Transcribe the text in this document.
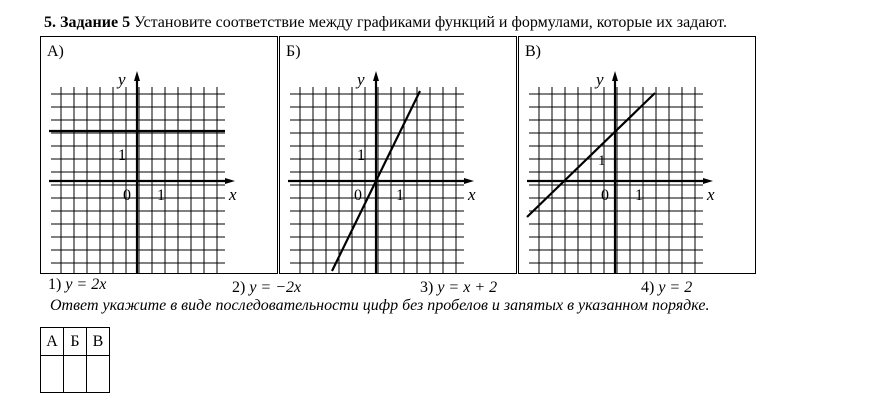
5. Задание 5 Установите соответствие между графиками функций и формулами, которые их задают.
А)
y
x
1
0 1
Б)
y
x
1
0 1
В)
y
x
1
0 1
1) y = 2x	2) y = −2x	3) y = x + 2	4) y = 2
Ответ укажите в виде последовательности цифр без пробелов и запятых в указанном порядке.
А	Б	В
